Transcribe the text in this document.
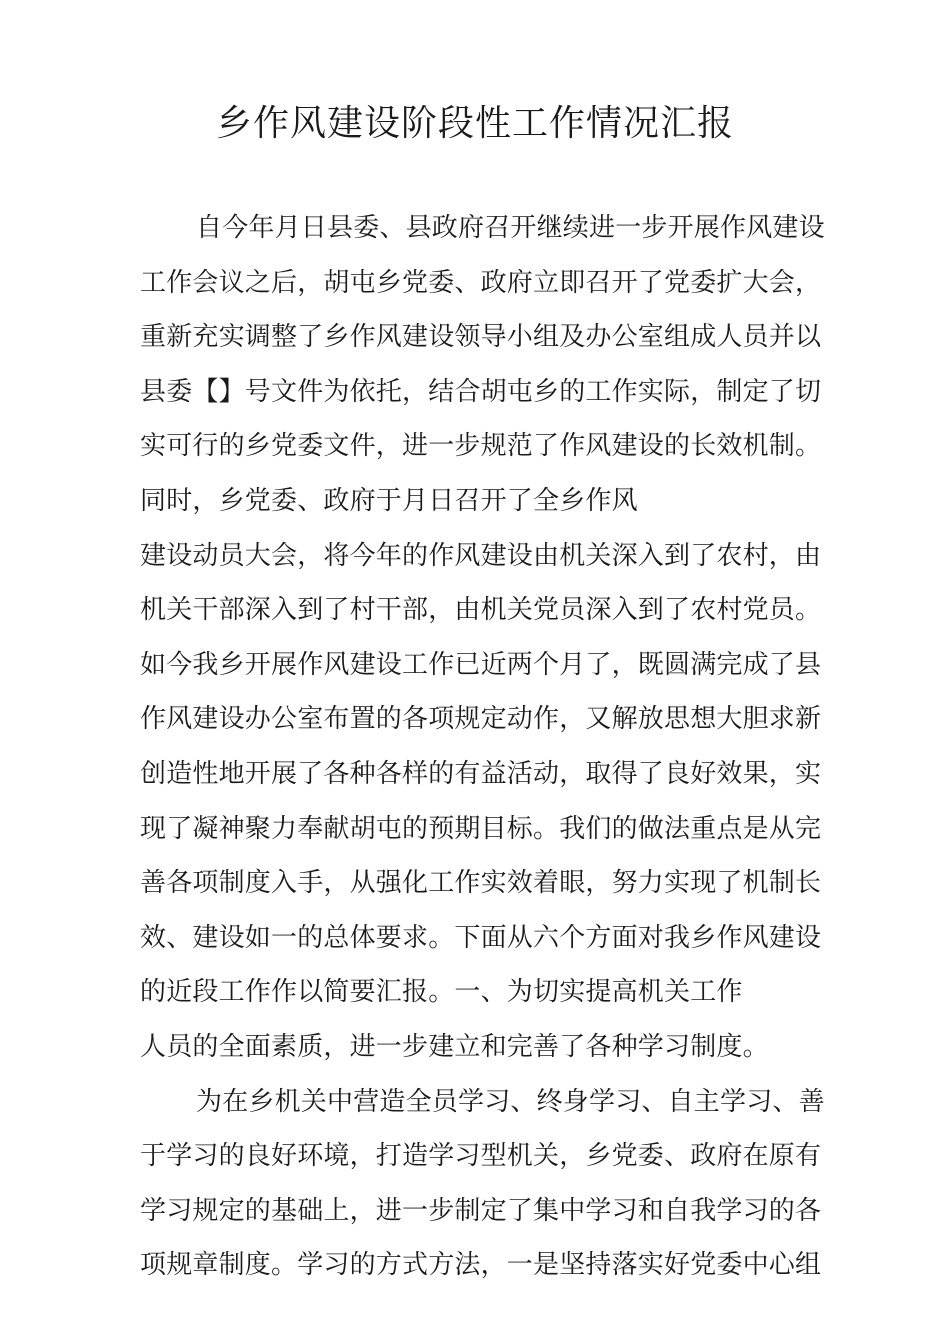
乡作风建设阶段性工作情况汇报
自今年月日县委、县政府召开继续进一步开展作风建设
工作会议之后，胡屯乡党委、政府立即召开了党委扩大会，
重新充实调整了乡作风建设领导小组及办公室组成人员并以
县委【】号文件为依托，结合胡屯乡的工作实际，制定了切
实可行的乡党委文件，进一步规范了作风建设的长效机制。
同时，乡党委、政府于月日召开了全乡作风
建设动员大会，将今年的作风建设由机关深入到了农村，由
机关干部深入到了村干部，由机关党员深入到了农村党员。
如今我乡开展作风建设工作已近两个月了，既圆满完成了县
作风建设办公室布置的各项规定动作，又解放思想大胆求新
创造性地开展了各种各样的有益活动，取得了良好效果，实
现了凝神聚力奉献胡屯的预期目标。我们的做法重点是从完
善各项制度入手，从强化工作实效着眼，努力实现了机制长
效、建设如一的总体要求。下面从六个方面对我乡作风建设
的近段工作作以简要汇报。一、为切实提高机关工作
人员的全面素质，进一步建立和完善了各种学习制度。
为在乡机关中营造全员学习、终身学习、自主学习、善
于学习的良好环境，打造学习型机关，乡党委、政府在原有
学习规定的基础上，进一步制定了集中学习和自我学习的各
项规章制度。学习的方式方法，一是坚持落实好党委中心组
